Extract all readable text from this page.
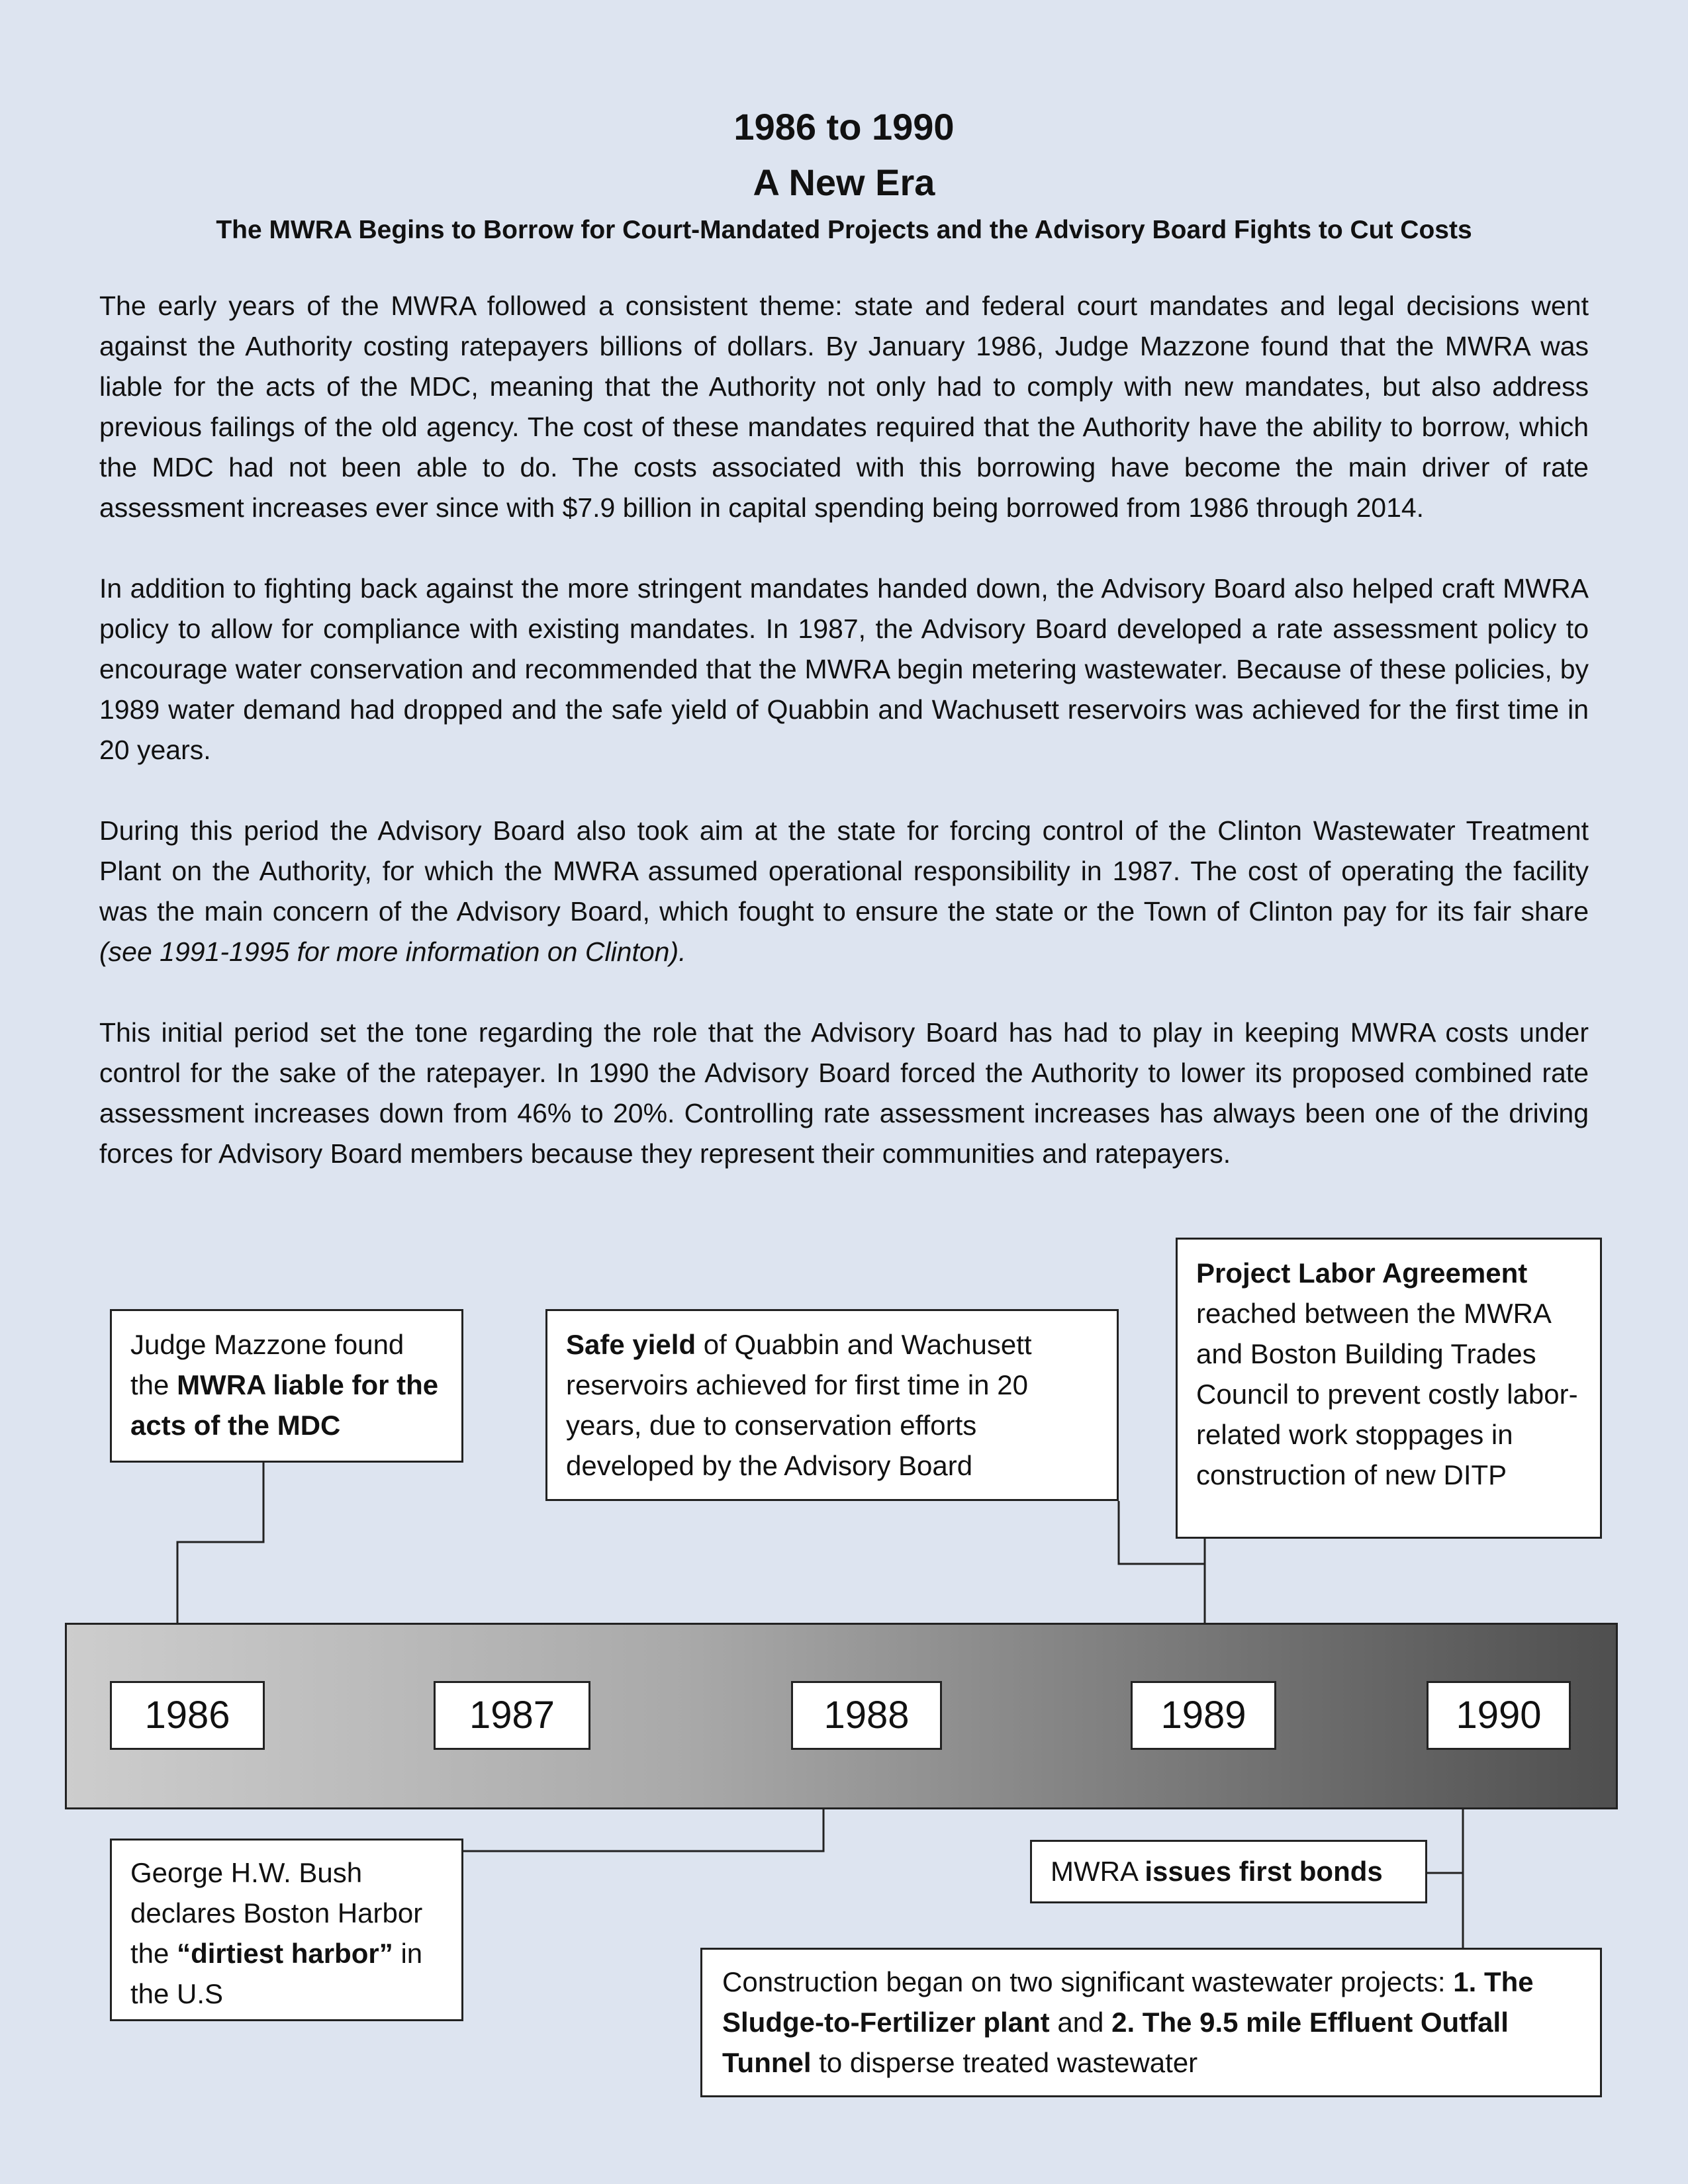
1986 to 1990
A New Era
The MWRA Begins to Borrow for Court-Mandated Projects and the Advisory Board Fights to Cut Costs

The early years of the MWRA followed a consistent theme: state and federal court mandates and legal decisions went against the Authority costing ratepayers billions of dollars. By January 1986, Judge Mazzone found that the MWRA was liable for the acts of the MDC, meaning that the Authority not only had to comply with new mandates, but also address previous failings of the old agency. The cost of these mandates required that the Authority have the ability to borrow, which the MDC had not been able to do. The costs associated with this borrowing have become the main driver of rate assessment increases ever since with $7.9 billion in capital spending being borrowed from 1986 through 2014.

In addition to fighting back against the more stringent mandates handed down, the Advisory Board also helped craft MWRA policy to allow for compliance with existing mandates. In 1987, the Advisory Board developed a rate assessment policy to encourage water conservation and recommended that the MWRA begin metering wastewater. Because of these policies, by 1989 water demand had dropped and the safe yield of Quabbin and Wachusett reservoirs was achieved for the first time in 20 years.

During this period the Advisory Board also took aim at the state for forcing control of the Clinton Wastewater Treatment Plant on the Authority, for which the MWRA assumed operational responsibility in 1987. The cost of operating the facility was the main concern of the Advisory Board, which fought to ensure the state or the Town of Clinton pay for its fair share (see 1991-1995 for more information on Clinton).

This initial period set the tone regarding the role that the Advisory Board has had to play in keeping MWRA costs under control for the sake of the ratepayer. In 1990 the Advisory Board forced the Authority to lower its proposed combined rate assessment increases down from 46% to 20%. Controlling rate assessment increases has always been one of the driving forces for Advisory Board members because they represent their communities and ratepayers.

1986	1987	1988	1989	1990
Judge Mazzone found the MWRA liable for the acts of the MDC
Safe yield of Quabbin and Wachusett reservoirs achieved for first time in 20 years, due to conservation efforts developed by the Advisory Board
Project Labor Agreement reached between the MWRA and Boston Building Trades Council to prevent costly labor-related work stoppages in construction of new DITP
George H.W. Bush declares Boston Harbor the “dirtiest harbor” in the U.S
MWRA issues first bonds
Construction began on two significant wastewater projects: 1. The Sludge-to-Fertilizer plant and 2. The 9.5 mile Effluent Outfall Tunnel to disperse treated wastewater
